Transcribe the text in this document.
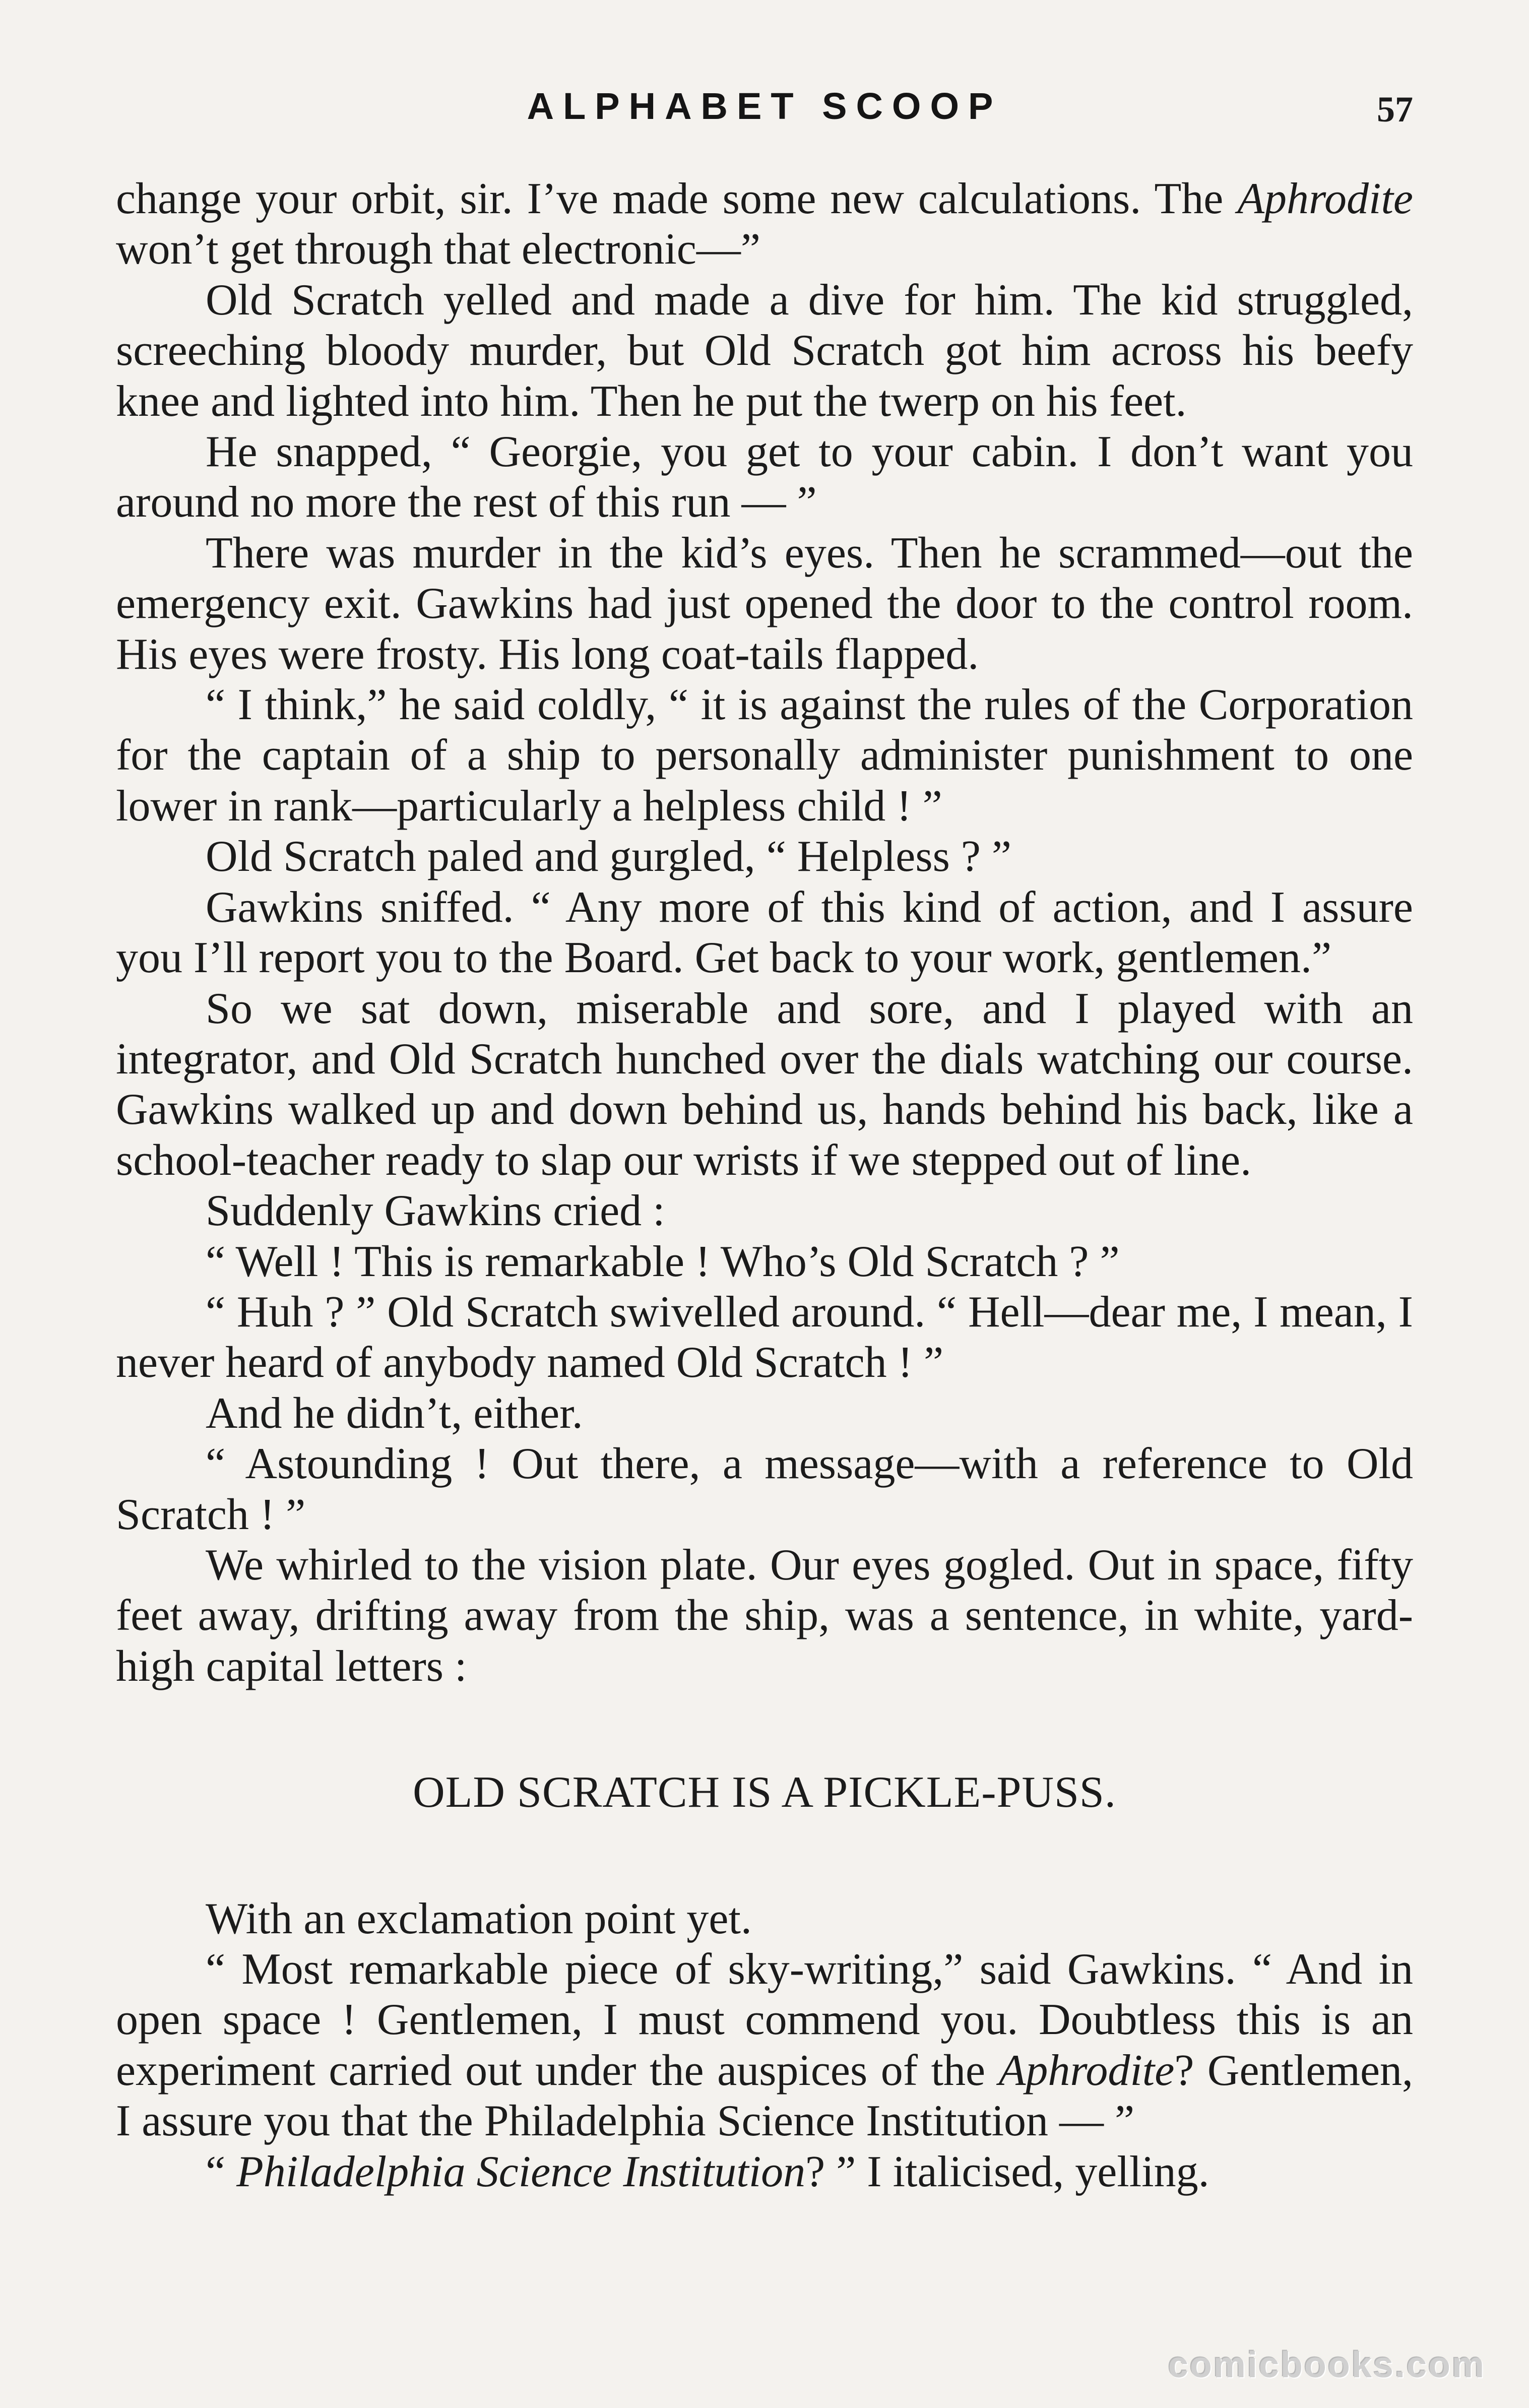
ALPHABET SCOOP	57

change your orbit, sir. I’ve made some new calculations. The Aphrodite won’t get through that electronic—”

Old Scratch yelled and made a dive for him. The kid struggled, screeching bloody murder, but Old Scratch got him across his beefy knee and lighted into him. Then he put the twerp on his feet.

He snapped, “ Georgie, you get to your cabin. I don’t want you around no more the rest of this run — ”

There was murder in the kid’s eyes. Then he scrammed—out the emergency exit. Gawkins had just opened the door to the control room. His eyes were frosty. His long coat-tails flapped.

“ I think,” he said coldly, “ it is against the rules of the Corporation for the captain of a ship to personally administer punishment to one lower in rank—particularly a helpless child ! ”

Old Scratch paled and gurgled, “ Helpless ? ”

Gawkins sniffed. “ Any more of this kind of action, and I assure you I’ll report you to the Board. Get back to your work, gentlemen.”

So we sat down, miserable and sore, and I played with an integrator, and Old Scratch hunched over the dials watching our course. Gawkins walked up and down behind us, hands behind his back, like a school-teacher ready to slap our wrists if we stepped out of line.

Suddenly Gawkins cried :

“ Well ! This is remarkable ! Who’s Old Scratch ? ”

“ Huh ? ” Old Scratch swivelled around. “ Hell—dear me, I mean, I never heard of anybody named Old Scratch ! ”

And he didn’t, either.

“ Astounding ! Out there, a message—with a reference to Old Scratch ! ”

We whirled to the vision plate. Our eyes gogled. Out in space, fifty feet away, drifting away from the ship, was a sentence, in white, yard-high capital letters :

OLD SCRATCH IS A PICKLE-PUSS.

With an exclamation point yet.

“ Most remarkable piece of sky-writing,” said Gawkins. “ And in open space ! Gentlemen, I must commend you. Doubtless this is an experiment carried out under the auspices of the Aphrodite? Gentlemen, I assure you that the Philadelphia Science Institution — ”

“ Philadelphia Science Institution? ” I italicised, yelling.

comicbooks.com
